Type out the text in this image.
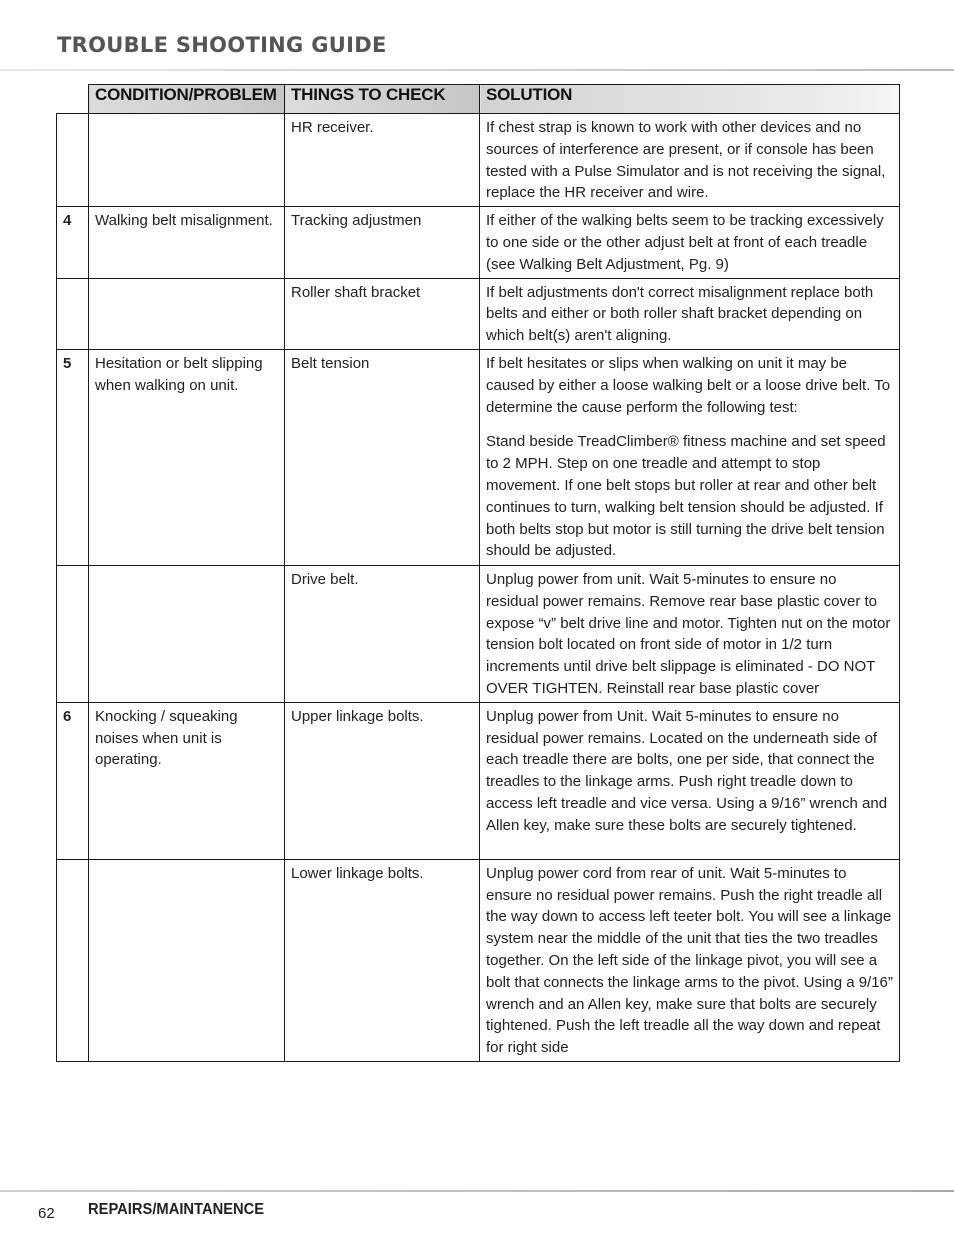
TROUBLE SHOOTING GUIDE
	CONDITION/PROBLEM	THINGS TO CHECK	SOLUTION
		HR receiver.	If chest strap is known to work with other devices and no sources of interference are present, or if console has been tested with a Pulse Simulator and is not receiving the signal, replace the HR receiver and wire.

4	Walking belt misalignment.	Tracking adjustmen	If either of the walking belts seem to be tracking excessively to one side or the other adjust belt at front of each treadle (see Walking Belt Adjustment, Pg. 9)

		Roller shaft bracket	If belt adjustments don't correct misalignment replace both belts and either or both roller shaft bracket depending on which belt(s) aren't aligning.

5	Hesitation or belt slipping when walking on unit.	Belt tension	If belt hesitates or slips when walking on unit it may be caused by either a loose walking belt or a loose drive belt. To determine the cause perform the following test:

Stand beside TreadClimber® fitness machine and set speed to 2 MPH. Step on one treadle and attempt to stop movement. If one belt stops but roller at rear and other belt continues to turn, walking belt tension should be adjusted. If both belts stop but motor is still turning the drive belt tension should be adjusted.

		Drive belt.	Unplug power from unit. Wait 5-minutes to ensure no residual power remains. Remove rear base plastic cover to expose “v” belt drive line and motor. Tighten nut on the motor tension bolt located on front side of motor in 1/2 turn increments until drive belt slippage is eliminated - DO NOT OVER TIGHTEN. Reinstall rear base plastic cover

6	Knocking / squeaking noises when unit is operating.	Upper linkage bolts.	Unplug power from Unit. Wait 5-minutes to ensure no residual power remains. Located on the underneath side of each treadle there are bolts, one per side, that connect the treadles to the linkage arms. Push right treadle down to access left treadle and vice versa. Using a 9/16” wrench and Allen key, make sure these bolts are securely tightened.

		Lower linkage bolts.	Unplug power cord from rear of unit. Wait 5-minutes to ensure no residual power remains. Push the right treadle all the way down to access left teeter bolt. You will see a linkage system near the middle of the unit that ties the two treadles together. On the left side of the linkage pivot, you will see a bolt that connects the linkage arms to the pivot. Using a 9/16” wrench and an Allen key, make sure that bolts are securely tightened. Push the left treadle all the way down and repeat for right side

62 REPAIRS/MAINTANENCE
